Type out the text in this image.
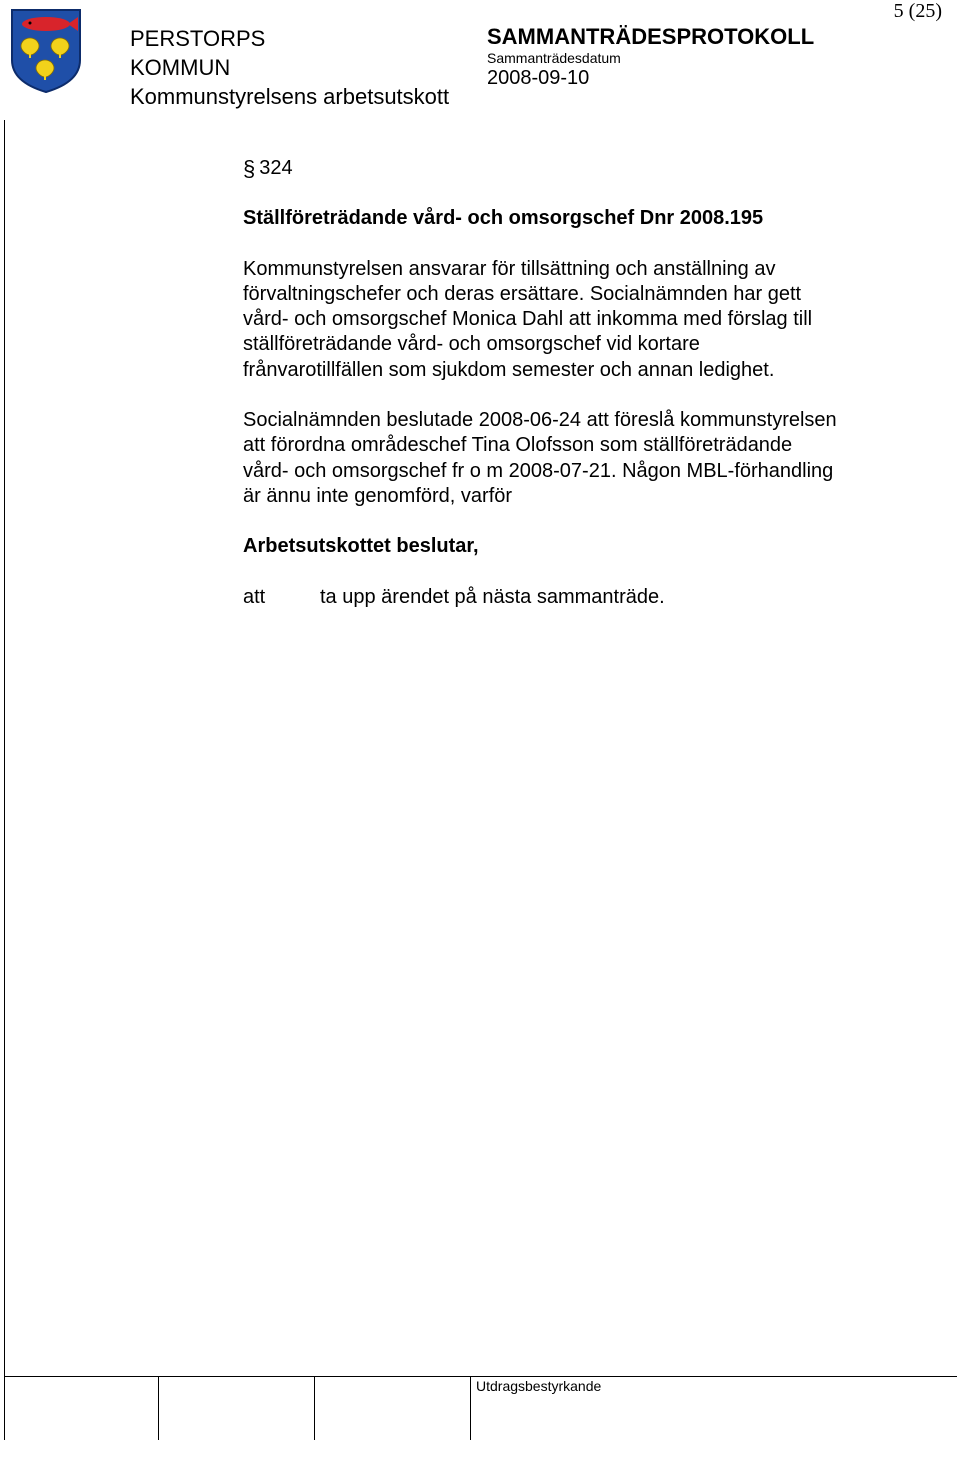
5 (25)
PERSTORPS
KOMMUN
Kommunstyrelsens arbetsutskott
SAMMANTRÄDESPROTOKOLL
Sammanträdesdatum
2008-09-10
§ 324
Ställföreträdande vård- och omsorgschef Dnr 2008.195
Kommunstyrelsen ansvarar för tillsättning och anställning av förvaltningschefer och deras ersättare. Socialnämnden har gett vård- och omsorgschef Monica Dahl att inkomma med förslag till ställföreträdande vård- och omsorgschef vid kortare frånvarotillfällen som sjukdom semester och annan ledighet.
Socialnämnden beslutade 2008-06-24 att föreslå kommunstyrelsen att förordna områdeschef Tina Olofsson som ställföreträdande vård- och omsorgschef fr o m 2008-07-21. Någon MBL-förhandling är ännu inte genomförd, varför
Arbetsutskottet beslutar,
att	ta upp ärendet på nästa sammanträde.
Utdragsbestyrkande
